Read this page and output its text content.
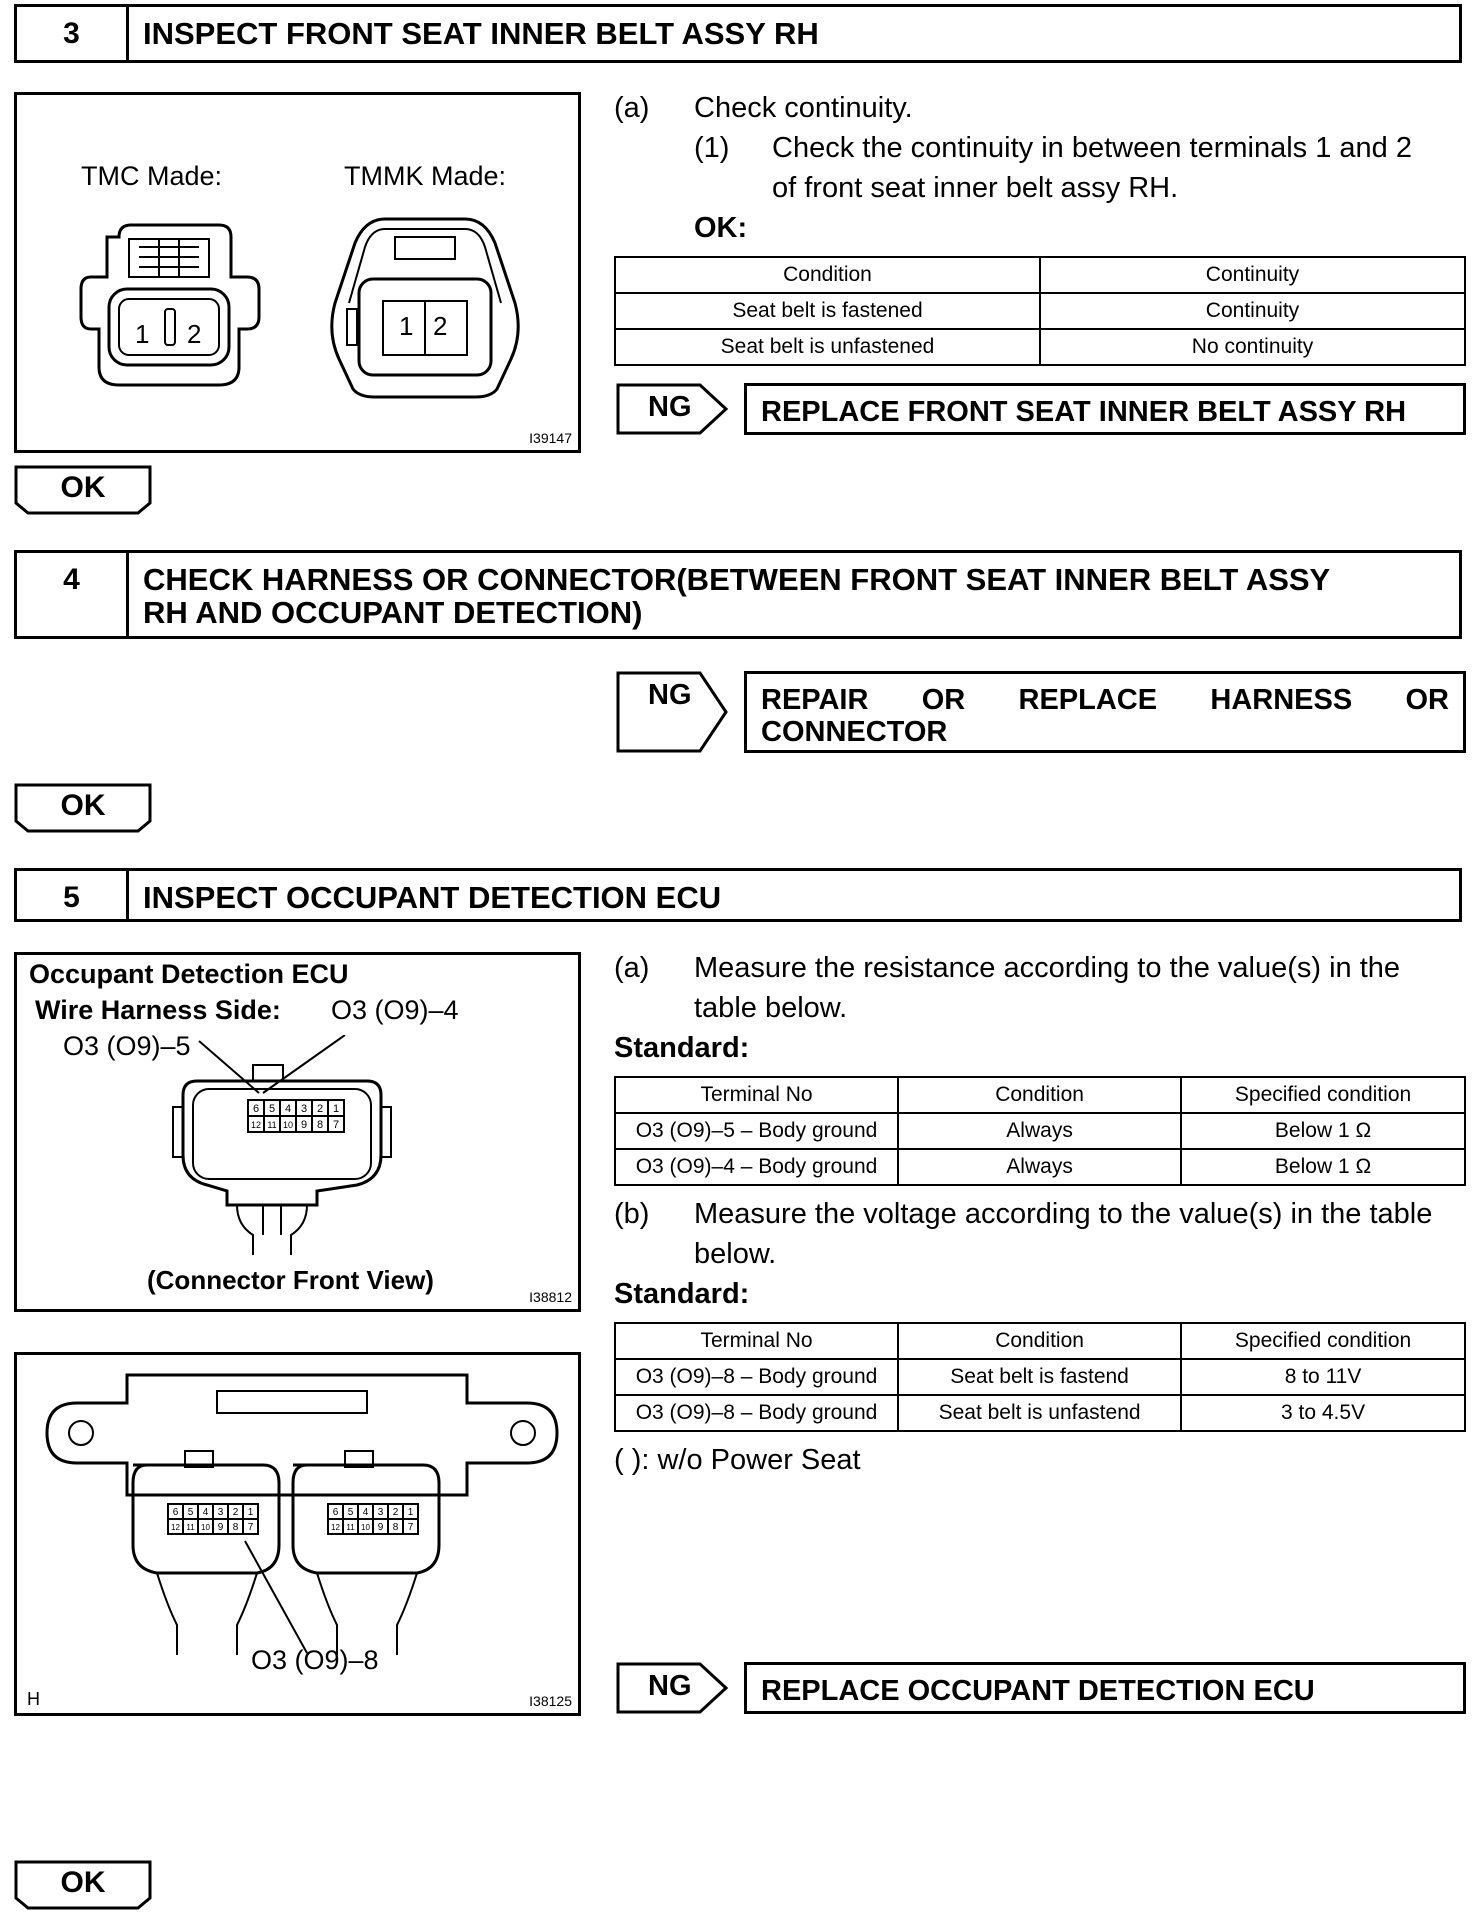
3	INSPECT FRONT SEAT INNER BELT ASSY RH
TMC Made:	TMMK Made:
1 2	1 2
I39147
(a) Check continuity.
(1) Check the continuity in between terminals 1 and 2
of front seat inner belt assy RH.
OK:
Condition	Continuity
Seat belt is fastened	Continuity
Seat belt is unfastened	No continuity
NG	REPLACE FRONT SEAT INNER BELT ASSY RH
OK
4	CHECK HARNESS OR CONNECTOR(BETWEEN FRONT SEAT INNER BELT ASSY
RH AND OCCUPANT DETECTION)
NG REPAIR OR REPLACE HARNESS OR
CONNECTOR
OK
5	INSPECT OCCUPANT DETECTION ECU
Occupant Detection ECU
Wire Harness Side: O3 (O9)–4
O3 (O9)–5
6 5 4 3 2 1
12 11 10 9 8 7
(Connector Front View)
I38812
6 5 4 3 2 1
12 11 10 9 8 7
6 5 4 3 2 1
12 11 10 9 8 7
O3 (O9)–8
H	I38125
(a) Measure the resistance according to the value(s) in the
table below.
Standard:
Terminal No	Condition	Specified condition
O3 (O9)–5 – Body ground	Always	Below 1 Ω
O3 (O9)–4 – Body ground	Always	Below 1 Ω
(b) Measure the voltage according to the value(s) in the table
below.
Standard:
Terminal No	Condition	Specified condition
O3 (O9)–8 – Body ground	Seat belt is fastend	8 to 11V
O3 (O9)–8 – Body ground	Seat belt is unfastend	3 to 4.5V
( ): w/o Power Seat
NG	REPLACE OCCUPANT DETECTION ECU
OK
